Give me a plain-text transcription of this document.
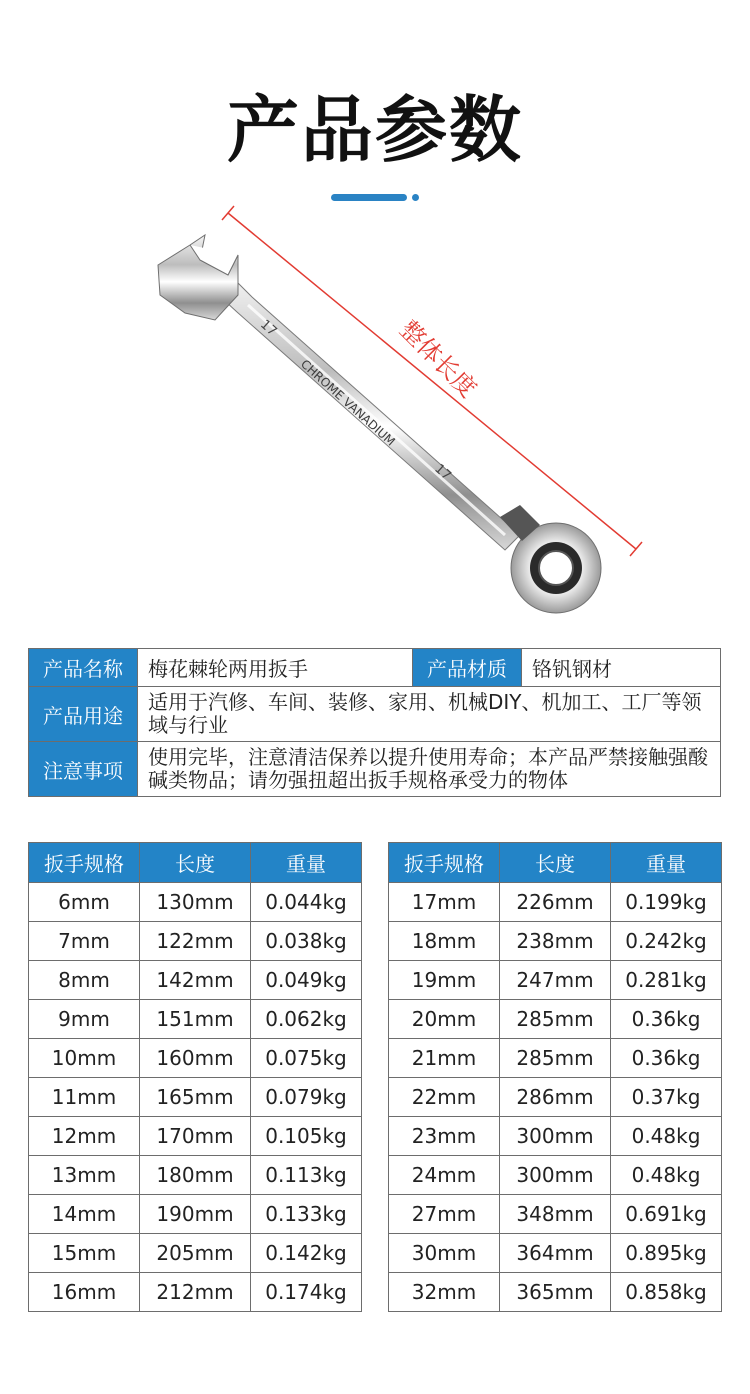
产品参数
17
CHROME VANADIUM
17
整体长度
产品名称	梅花棘轮两用扳手	产品材质	铬钒钢材
产品用途	适用于汽修、车间、装修、家用、机械DIY、机加工、工厂等领域与行业		
注意事项	使用完毕，注意清洁保养以提升使用寿命；本产品严禁接触强酸碱类物品；请勿强扭超出扳手规格承受力的物体		
扳手规格	长度	重量
6mm	130mm	0.044kg
7mm	122mm	0.038kg
8mm	142mm	0.049kg
9mm	151mm	0.062kg
10mm	160mm	0.075kg
11mm	165mm	0.079kg
12mm	170mm	0.105kg
13mm	180mm	0.113kg
14mm	190mm	0.133kg
15mm	205mm	0.142kg
16mm	212mm	0.174kg
扳手规格	长度	重量
17mm	226mm	0.199kg
18mm	238mm	0.242kg
19mm	247mm	0.281kg
20mm	285mm	0.36kg
21mm	285mm	0.36kg
22mm	286mm	0.37kg
23mm	300mm	0.48kg
24mm	300mm	0.48kg
27mm	348mm	0.691kg
30mm	364mm	0.895kg
32mm	365mm	0.858kg
